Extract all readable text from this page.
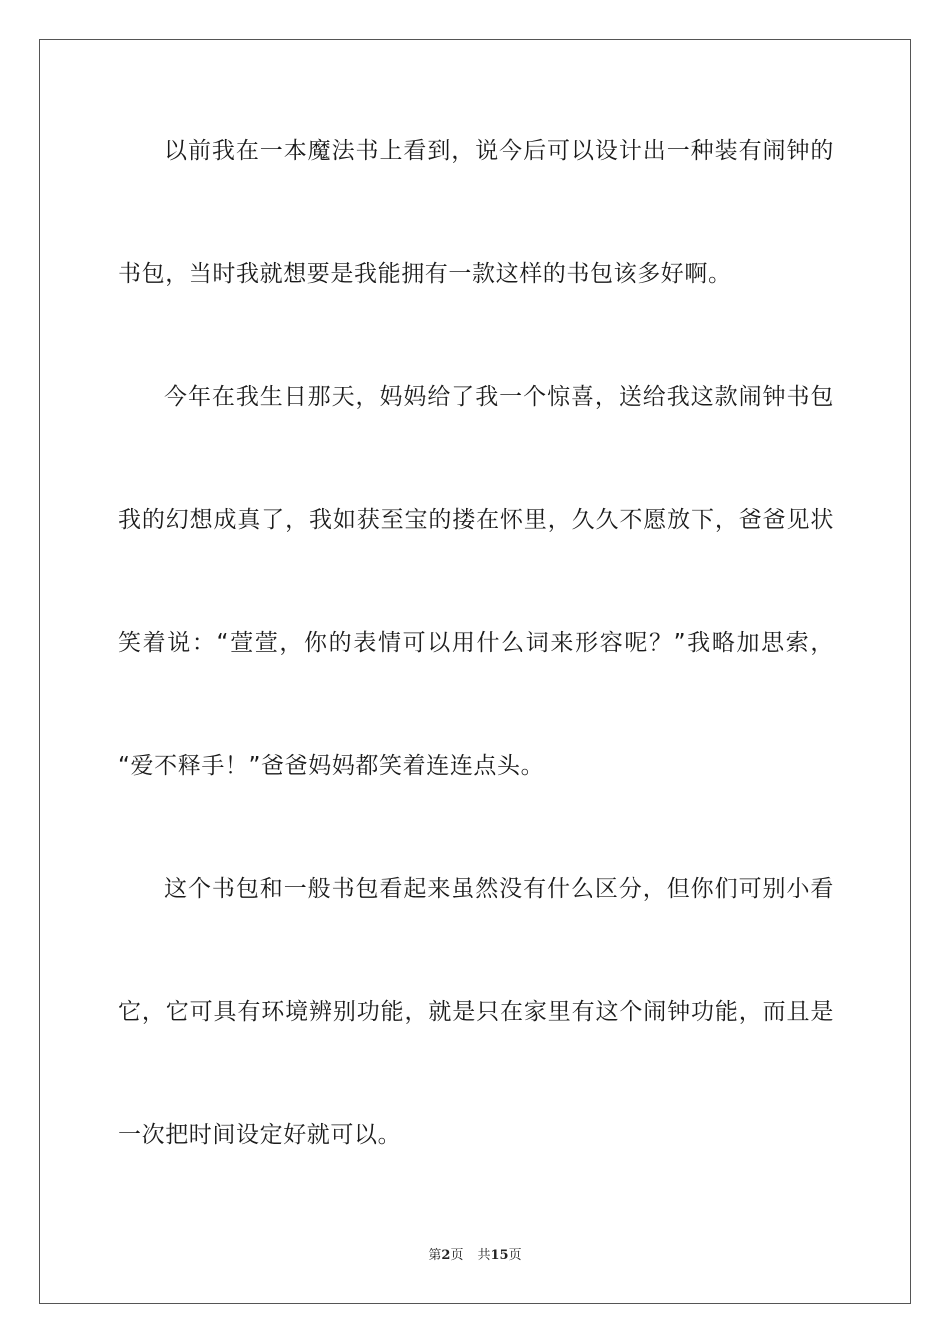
以前我在一本魔法书上看到，说今后可以设计出一种装有闹钟的
书包，当时我就想要是我能拥有一款这样的书包该多好啊。
今年在我生日那天，妈妈给了我一个惊喜，送给我这款闹钟书包
我的幻想成真了，我如获至宝的搂在怀里，久久不愿放下，爸爸见状
笑着说：“萱萱，你的表情可以用什么词来形容呢？”我略加思索，
“爱不释手！”爸爸妈妈都笑着连连点头。
这个书包和一般书包看起来虽然没有什么区分，但你们可别小看
它，它可具有环境辨别功能，就是只在家里有这个闹钟功能，而且是
一次把时间设定好就可以。
第2页 共15页
